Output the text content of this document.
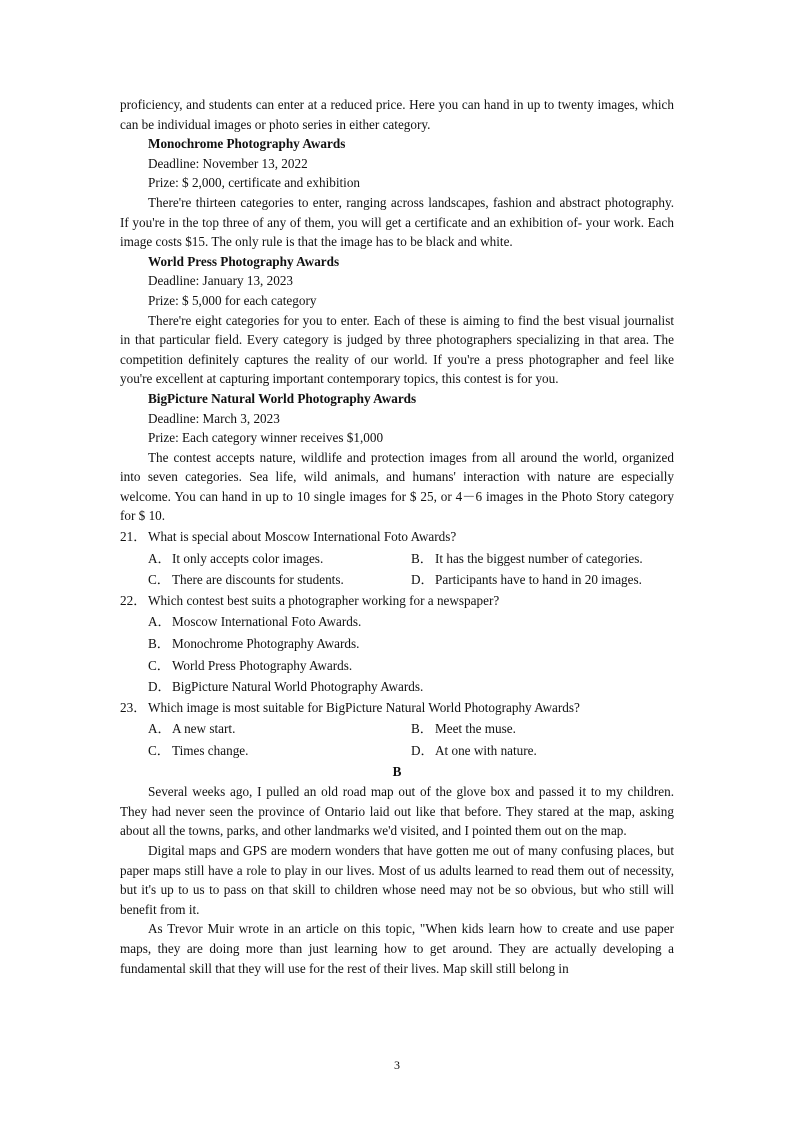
proficiency, and students can enter at a reduced price. Here you can hand in up to twenty images, which can be individual images or photo series in either category.

Monochrome Photography Awards

Deadline: November 13, 2022

Prize: $ 2,000, certificate and exhibition

There're thirteen categories to enter, ranging across landscapes, fashion and abstract photography. If you're in the top three of any of them, you will get a certificate and an exhibition of- your work. Each image costs $15. The only rule is that the image has to be black and white.

World Press Photography Awards

Deadline: January 13, 2023

Prize: $ 5,000 for each category

There're eight categories for you to enter. Each of these is aiming to find the best visual journalist in that particular field. Every category is judged by three photographers specializing in that area. The competition definitely captures the reality of our world. If you're a press photographer and feel like you're excellent at capturing important contemporary topics, this contest is for you.

BigPicture Natural World Photography Awards

Deadline: March 3, 2023

Prize: Each category winner receives $1,000

The contest accepts nature, wildlife and protection images from all around the world, organized into seven categories. Sea life, wild animals, and humans' interaction with nature are especially welcome. You can hand in up to 10 single images for $ 25, or 4－6 images in the Photo Story category for $ 10.

21． What is special about Moscow International Foto Awards?

A． It only accepts color images.	B． It has the biggest number of categories.
C． There are discounts for students.	D． Participants have to hand in 20 images.

22． Which contest best suits a photographer working for a newspaper?

A． Moscow International Foto Awards.
B． Monochrome Photography Awards.
C． World Press Photography Awards.
D． BigPicture Natural World Photography Awards.

23． Which image is most suitable for BigPicture Natural World Photography Awards?

A． A new start.	B． Meet the muse.
C． Times change.	D． At one with nature.

B

Several weeks ago, I pulled an old road map out of the glove box and passed it to my children. They had never seen the province of Ontario laid out like that before. They stared at the map, asking about all the towns, parks, and other landmarks we'd visited, and I pointed them out on the map.

Digital maps and GPS are modern wonders that have gotten me out of many confusing places, but paper maps still have a role to play in our lives. Most of us adults learned to read them out of necessity, but it's up to us to pass on that skill to children whose need may not be so obvious, but who still will benefit from it.

As Trevor Muir wrote in an article on this topic, "When kids learn how to create and use paper maps, they are doing more than just learning how to get around. They are actually developing a fundamental skill that they will use for the rest of their lives. Map skill still belong in

3
